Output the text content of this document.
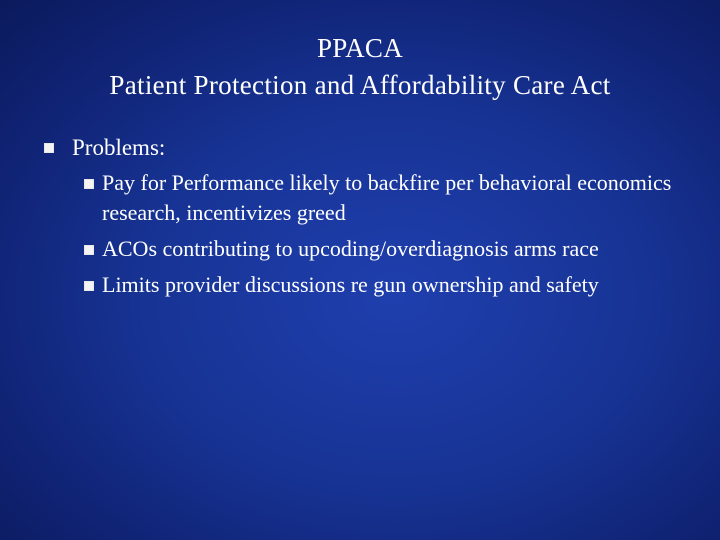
PPACA
Patient Protection and Affordability Care Act
Problems:
Pay for Performance likely to backfire per behavioral economics research, incentivizes greed
ACOs contributing to upcoding/overdiagnosis arms race
Limits provider discussions re gun ownership and safety
